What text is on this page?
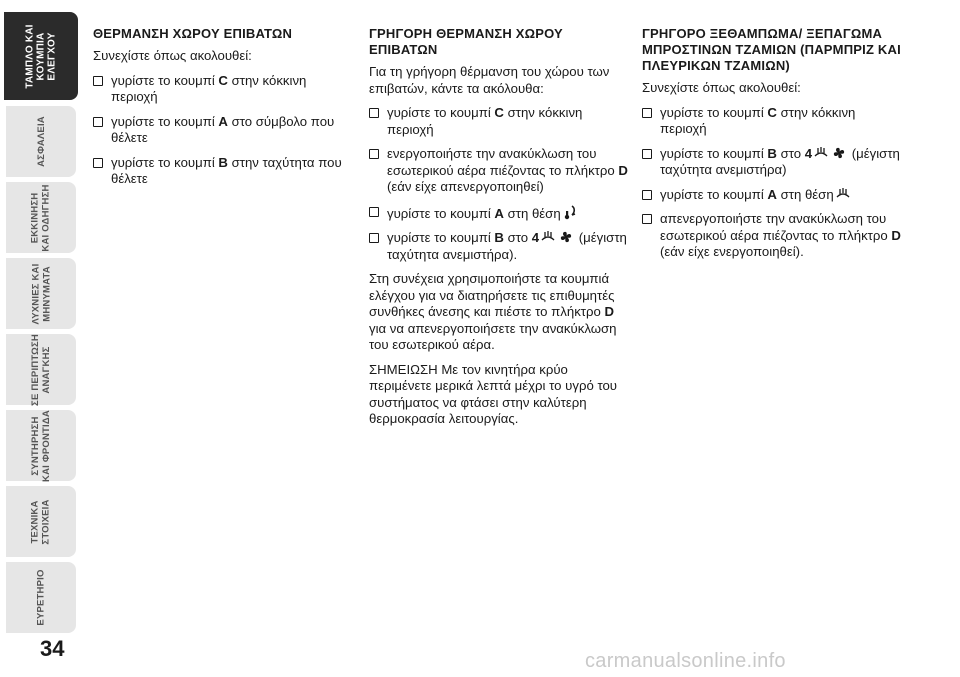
ΤΑΜΠΛΟ ΚΑΙ
ΚΟΥΜΠΙΑ
ΕΛΕΓΧΟΥ
ΑΣΦΑΛΕΙΑ
ΕΚΚΙΝΗΣΗ
ΚΑΙ ΟΔΗΓΗΣΗ
ΛΥΧΝΙΕΣ ΚΑΙ
ΜΗΝΥΜΑΤΑ
ΣΕ ΠΕΡΙΠΤΩΣΗ
ΑΝΑΓΚΗΣ
ΣΥΝΤΗΡΗΣΗ
ΚΑΙ ΦΡΟΝΤΙΔΑ
ΤΕΧΝΙΚΑ
ΣΤΟΙΧΕΙΑ
ΕΥΡΕΤΗΡΙΟ
34
ΘΕΡΜΑΝΣΗ ΧΩΡΟΥ ΕΠΙΒΑΤΩΝ

Συνεχίστε όπως ακολουθεί:

γυρίστε το κουμπί C στην κόκκινη περιοχή
γυρίστε το κουμπί A στο σύμβολο που θέλετε
γυρίστε το κουμπί B στην ταχύτητα που θέλετε
ΓΡΗΓΟΡΗ ΘΕΡΜΑΝΣΗ ΧΩΡΟΥ ΕΠΙΒΑΤΩΝ

Για τη γρήγορη θέρμανση του χώρου των επιβατών, κάντε τα ακόλουθα:

γυρίστε το κουμπί C στην κόκκινη περιοχή
ενεργοποιήστε την ανακύκλωση του εσωτερικού αέρα πιέζοντας το πλήκτρο D (εάν είχε απενεργοποιηθεί)
γυρίστε το κουμπί A στη θέση
γυρίστε το κουμπί B στο 4	(μέγιστη ταχύτητα ανεμιστήρα).

Στη συνέχεια χρησιμοποιήστε τα κουμπιά ελέγχου για να διατηρήσετε τις επιθυμητές συνθήκες άνεσης και πιέστε το πλήκτρο D για να απενεργοποιήσετε την ανακύκλωση του εσωτερικού αέρα.

ΣΗΜΕΙΩΣΗ Με τον κινητήρα κρύο περιμένετε μερικά λεπτά μέχρι το υγρό του συστήματος να φτάσει στην καλύτερη θερμοκρασία λειτουργίας.

ΓΡΗΓΟΡΟ ΞΕΘΑΜΠΩΜΑ/ ΞΕΠΑΓΩΜΑ ΜΠΡΟΣΤΙΝΩΝ ΤΖΑΜΙΩΝ (ΠΑΡΜΠΡΙΖ ΚΑΙ ΠΛΕΥΡΙΚΩΝ ΤΖΑΜΙΩΝ)

Συνεχίστε όπως ακολουθεί:

γυρίστε το κουμπί C στην κόκκινη περιοχή
γυρίστε το κουμπί B στο 4	(μέγιστη ταχύτητα ανεμιστήρα)
γυρίστε το κουμπί A στη θέση
απενεργοποιήστε την ανακύκλωση του εσωτερικού αέρα πιέζοντας το πλήκτρο D (εάν είχε ενεργοποιηθεί).
carmanualsonline.info
